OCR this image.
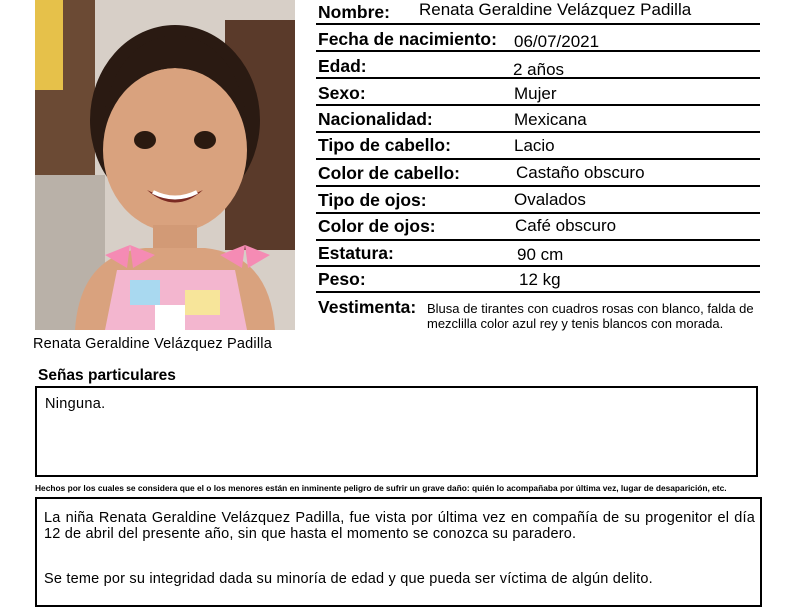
Renata Geraldine Velázquez Padilla
Nombre: Renata Geraldine Velázquez Padilla
Fecha de nacimiento: 06/07/2021
Edad:	2 años
Sexo:	Mujer
Nacionalidad:	Mexicana
Tipo de cabello:	Lacio
Color de cabello:	Castaño obscuro
Tipo de ojos:	Ovalados
Color de ojos:	Café obscuro
Estatura:	90 cm
Peso:	12 kg
Vestimenta: Blusa de tirantes con cuadros rosas con blanco, falda de mezclilla color azul rey y tenis blancos con morada.
Señas particulares
Ninguna.
Hechos por los cuales se considera que el o los menores están en inminente peligro de sufrir un grave daño: quién lo acompañaba por última vez, lugar de desaparición, etc.
La niña Renata Geraldine Velázquez Padilla, fue vista por última vez en compañía de su progenitor el día 12 de abril del presente año, sin que hasta el momento se conozca su paradero.
Se teme por su integridad dada su minoría de edad y que pueda ser víctima de algún delito.
